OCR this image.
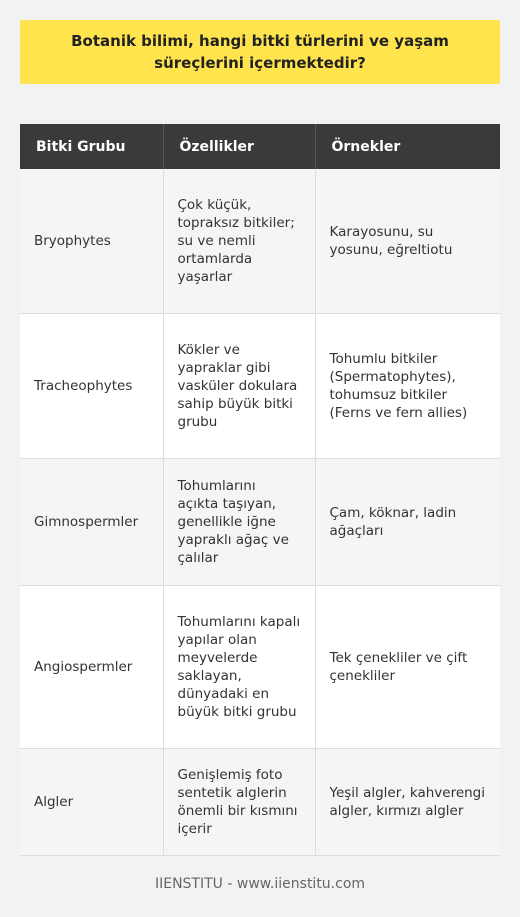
Botanik bilimi, hangi bitki türlerini ve yaşam süreçlerini içermektedir?
Bitki Grubu	Özellikler	Örnekler
Bryophytes	Çok küçük, topraksız bitkiler; su ve nemli ortamlarda yaşarlar	Karayosunu, su yosunu, eğreltiotu
Tracheophytes	Kökler ve yapraklar gibi vasküler dokulara sahip büyük bitki grubu	Tohumlu bitkiler (Spermatophytes), tohumsuz bitkiler (Ferns ve fern allies)
Gimnospermler	Tohumlarını açıkta taşıyan, genellikle iğne yapraklı ağaç ve çalılar	Çam, köknar, ladin ağaçları
Angiospermler	Tohumlarını kapalı yapılar olan meyvelerde saklayan, dünyadaki en büyük bitki grubu	Tek çenekliler ve çift çenekliler
Algler	Genişlemiş foto sentetik alglerin önemli bir kısmını içerir	Yeşil algler, kahverengi algler, kırmızı algler
IIENSTITU - www.iienstitu.com
